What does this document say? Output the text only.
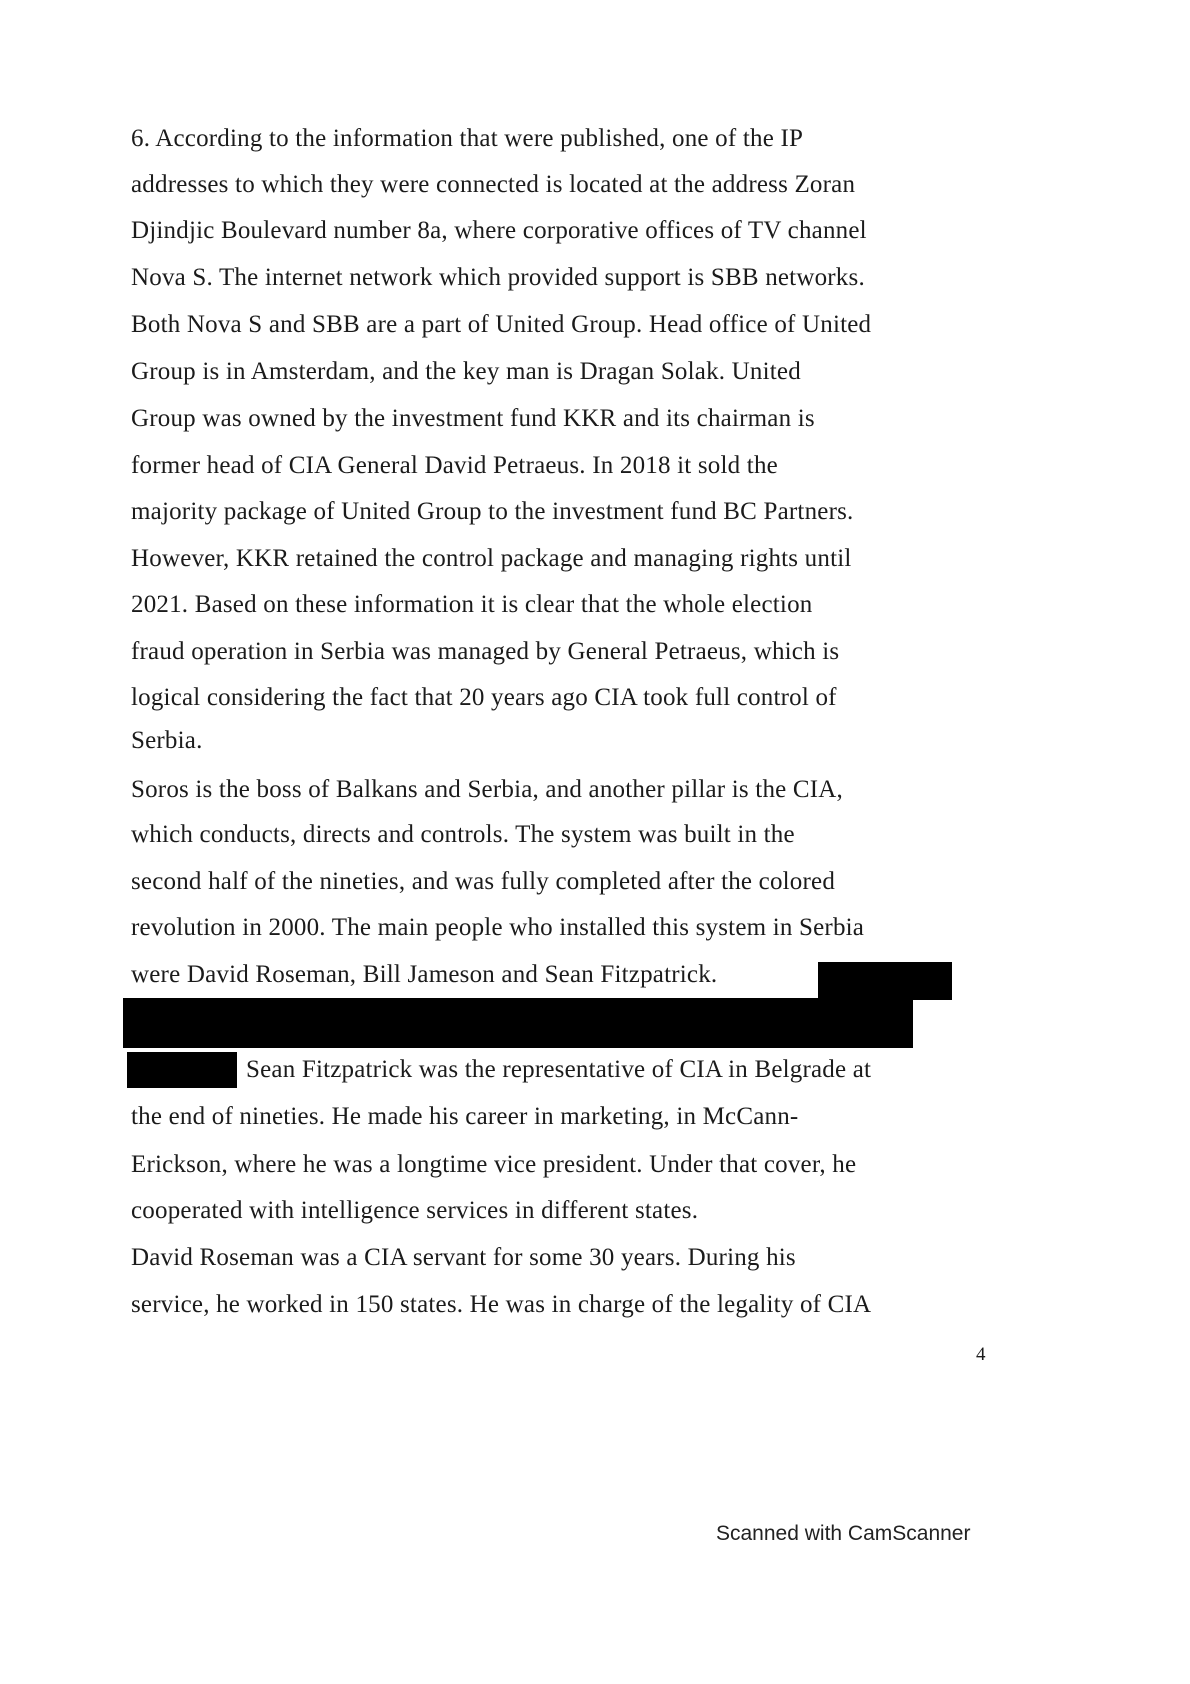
6. According to the information that were published, one of the IP
addresses to which they were connected is located at the address Zoran
Djindjic Boulevard number 8a, where corporative offices of TV channel
Nova S. The internet network which provided support is SBB networks.
Both Nova S and SBB are a part of United Group. Head office of United
Group is in Amsterdam, and the key man is Dragan Solak. United
Group was owned by the investment fund KKR and its chairman is
former head of CIA General David Petraeus. In 2018 it sold the
majority package of United Group to the investment fund BC Partners.
However, KKR retained the control package and managing rights until
2021. Based on these information it is clear that the whole election
fraud operation in Serbia was managed by General Petraeus, which is
logical considering the fact that 20 years ago CIA took full control of
Serbia.
Soros is the boss of Balkans and Serbia, and another pillar is the CIA,
which conducts, directs and controls. The system was built in the
second half of the nineties, and was fully completed after the colored
revolution in 2000. The main people who installed this system in Serbia
were David Roseman, Bill Jameson and Sean Fitzpatrick.
Sean Fitzpatrick was the representative of CIA in Belgrade at
the end of nineties. He made his career in marketing, in McCann-
Erickson, where he was a longtime vice president. Under that cover, he
cooperated with intelligence services in different states.
David Roseman was a CIA servant for some 30 years. During his
service, he worked in 150 states. He was in charge of the legality of CIA
4
Scanned with CamScanner
